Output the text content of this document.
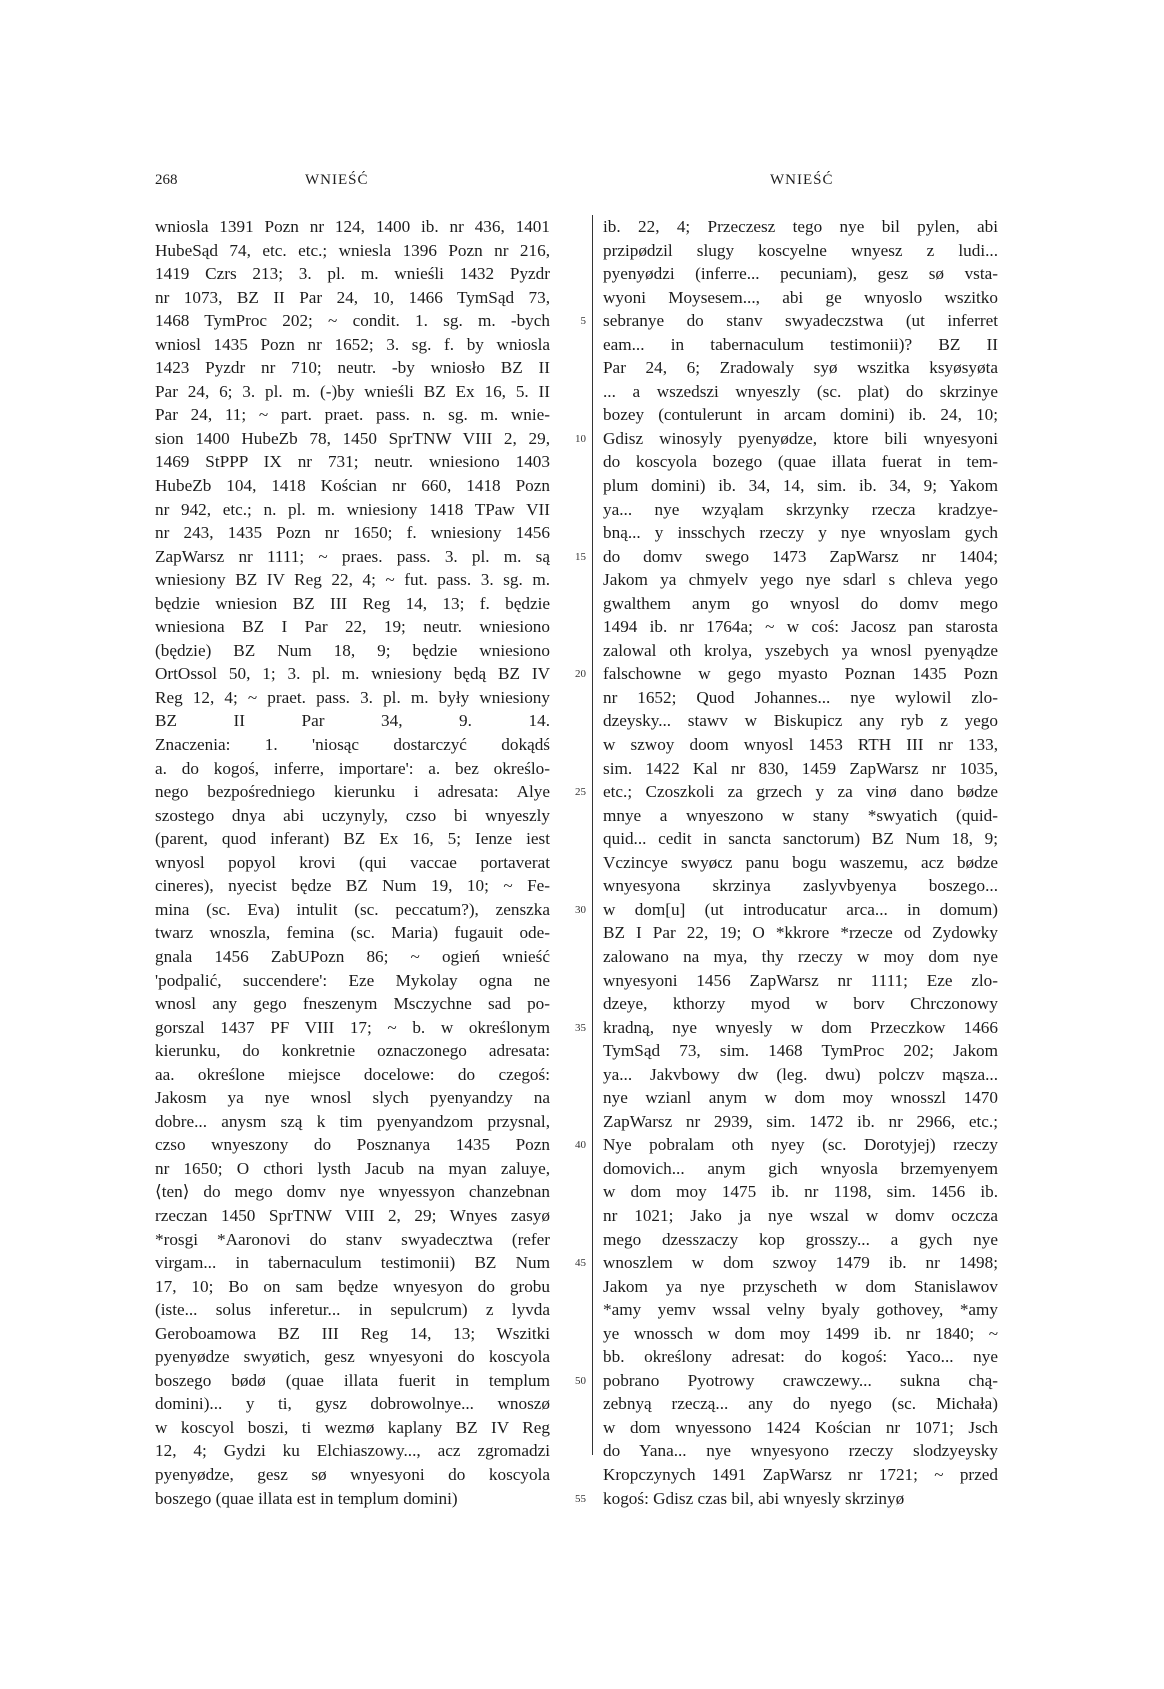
268	WNIEŚĆ	WNIEŚĆ
wniosla 1391 Pozn nr 124, 1400 ib. nr 436, 1401
HubeSąd 74, etc. etc.; wniesla 1396 Pozn nr 216,
1419 Czrs 213; 3. pl. m. wnieśli 1432 Pyzdr
nr 1073, BZ II Par 24, 10, 1466 TymSąd 73,
1468 TymProc 202; ~ condit. 1. sg. m. -bych
wniosl 1435 Pozn nr 1652; 3. sg. f. by wniosla
1423 Pyzdr nr 710; neutr. -by wniosło BZ II
Par 24, 6; 3. pl. m. (-)by wnieśli BZ Ex 16, 5. II
Par 24, 11; ~ part. praet. pass. n. sg. m. wnie-
sion 1400 HubeZb 78, 1450 SprTNW VIII 2, 29,
1469 StPPP IX nr 731; neutr. wniesiono 1403
HubeZb 104, 1418 Kościan nr 660, 1418 Pozn
nr 942, etc.; n. pl. m. wniesiony 1418 TPaw VII
nr 243, 1435 Pozn nr 1650; f. wniesiony 1456
ZapWarsz nr 1111; ~ praes. pass. 3. pl. m. są
wniesiony BZ IV Reg 22, 4; ~ fut. pass. 3. sg. m.
będzie wniesion BZ III Reg 14, 13; f. będzie
wniesiona BZ I Par 22, 19; neutr. wniesiono
(będzie) BZ Num 18, 9; będzie wniesiono
OrtOssol 50, 1; 3. pl. m. wniesiony będą BZ IV
Reg 12, 4; ~ praet. pass. 3. pl. m. były wniesiony
BZ II Par 34, 9. 14.
Znaczenia: 1. 'niosąc dostarczyć dokądś
a. do kogoś, inferre, importare': a. bez określo-
nego bezpośredniego kierunku i adresata: Alye
szostego dnya abi uczynyly, czso bi wnyeszly
(parent, quod inferant) BZ Ex 16, 5; Ienze iest
wnyosl popyol krovi (qui vaccae portaverat
cineres), nyecist będze BZ Num 19, 10; ~ Fe-
mina (sc. Eva) intulit (sc. peccatum?), zenszka
twarz wnoszla, femina (sc. Maria) fugauit ode-
gnala 1456 ZabUPozn 86; ~ ogień wnieść
'podpalić, succendere': Eze Mykolay ogna ne
wnosl any gego fneszenym Msczychne sad po-
gorszal 1437 PF VIII 17; ~ b. w określonym
kierunku, do konkretnie oznaczonego adresata:
aa. określone miejsce docelowe: do czegoś:
Jakosm ya nye wnosl slych pyenyandzy na
dobre... anysm szą k tim pyenyandzom przysnal,
czso wnyeszony do Posznanya 1435 Pozn
nr 1650; O cthori lysth Jacub na myan zaluye,
⟨ten⟩ do mego domv nye wnyessyon chanzebnan
rzeczan 1450 SprTNW VIII 2, 29; Wnyes zasyø
*rosgi *Aaronovi do stanv swyadecztwa (refer
virgam... in tabernaculum testimonii) BZ Num
17, 10; Bo on sam będze wnyesyon do grobu
(iste... solus inferetur... in sepulcrum) z lyvda
Geroboamowa BZ III Reg 14, 13; Wszitki
pyenyødze swyøtich, gesz wnyesyoni do koscyola
boszego bødø (quae illata fuerit in templum
domini)... y ti, gysz dobrowolnye... wnoszø
w koscyol boszi, ti wezmø kaplany BZ IV Reg
12, 4; Gydzi ku Elchiaszowy..., acz zgromadzi
pyenyødze, gesz sø wnyesyoni do koscyola
boszego (quae illata est in templum domini)
5
10
15
20
25
30
35
40
45
50
55
ib. 22, 4; Przeczesz tego nye bil pylen, abi
przipødzil slugy koscyelne wnyesz z ludi...
pyenyødzi (inferre... pecuniam), gesz sø vsta-
wyoni Moysesem..., abi ge wnyoslo wszitko
sebranye do stanv swyadeczstwa (ut inferret
eam... in tabernaculum testimonii)? BZ II
Par 24, 6; Zradowaly syø wszitka ksyøsyøta
... a wszedszi wnyeszly (sc. plat) do skrzinye
bozey (contulerunt in arcam domini) ib. 24, 10;
Gdisz winosyly pyenyødze, ktore bili wnyesyoni
do koscyola bozego (quae illata fuerat in tem-
plum domini) ib. 34, 14, sim. ib. 34, 9; Yakom
ya... nye wzyąlam skrzynky rzecza kradzye-
bną... y insschych rzeczy y nye wnyoslam gych
do domv swego 1473 ZapWarsz nr 1404;
Jakom ya chmyelv yego nye sdarl s chleva yego
gwalthem anym go wnyosl do domv mego
1494 ib. nr 1764a; ~ w coś: Jacosz pan starosta
zalowal oth krolya, yszebych ya wnosl pyenyądze
falschowne w gego myasto Poznan 1435 Pozn
nr 1652; Quod Johannes... nye wylowil zlo-
dzeysky... stawv w Biskupicz any ryb z yego
w szwoy doom wnyosl 1453 RTH III nr 133,
sim. 1422 Kal nr 830, 1459 ZapWarsz nr 1035,
etc.; Czoszkoli za grzech y za vinø dano bødze
mnye a wnyeszono w stany *swyatich (quid-
quid... cedit in sancta sanctorum) BZ Num 18, 9;
Vczincye swyøcz panu bogu waszemu, acz bødze
wnyesyona skrzinya zaslyvbyenya boszego...
w dom[u] (ut introducatur arca... in domum)
BZ I Par 22, 19; O *kkrore *rzecze od Zydowky
zalowano na mya, thy rzeczy w moy dom nye
wnyesyoni 1456 ZapWarsz nr 1111; Eze zlo-
dzeye, kthorzy myod w borv Chrczonowy
kradną, nye wnyesly w dom Przeczkow 1466
TymSąd 73, sim. 1468 TymProc 202; Jakom
ya... Jakvbowy dw (leg. dwu) polczv mąsza...
nye wzianl anym w dom moy wnosszl 1470
ZapWarsz nr 2939, sim. 1472 ib. nr 2966, etc.;
Nye pobralam oth nyey (sc. Dorotyjej) rzeczy
domovich... anym gich wnyosla brzemyenyem
w dom moy 1475 ib. nr 1198, sim. 1456 ib.
nr 1021; Jako ja nye wszal w domv oczcza
mego dzesszaczy kop grosszy... a gych nye
wnoszlem w dom szwoy 1479 ib. nr 1498;
Jakom ya nye przyscheth w dom Stanislawov
*amy yemv wssal velny byaly gothovey, *amy
ye wnossch w dom moy 1499 ib. nr 1840; ~
bb. określony adresat: do kogoś: Yaco... nye
pobrano Pyotrowy crawczewy... sukna chą-
zebnyą rzeczą... any do nyego (sc. Michała)
w dom wnyessono 1424 Kościan nr 1071; Jsch
do Yana... nye wnyesyono rzeczy slodzyeysky
Kropczynych 1491 ZapWarsz nr 1721; ~ przed
kogoś: Gdisz czas bil, abi wnyesly skrzinyø
